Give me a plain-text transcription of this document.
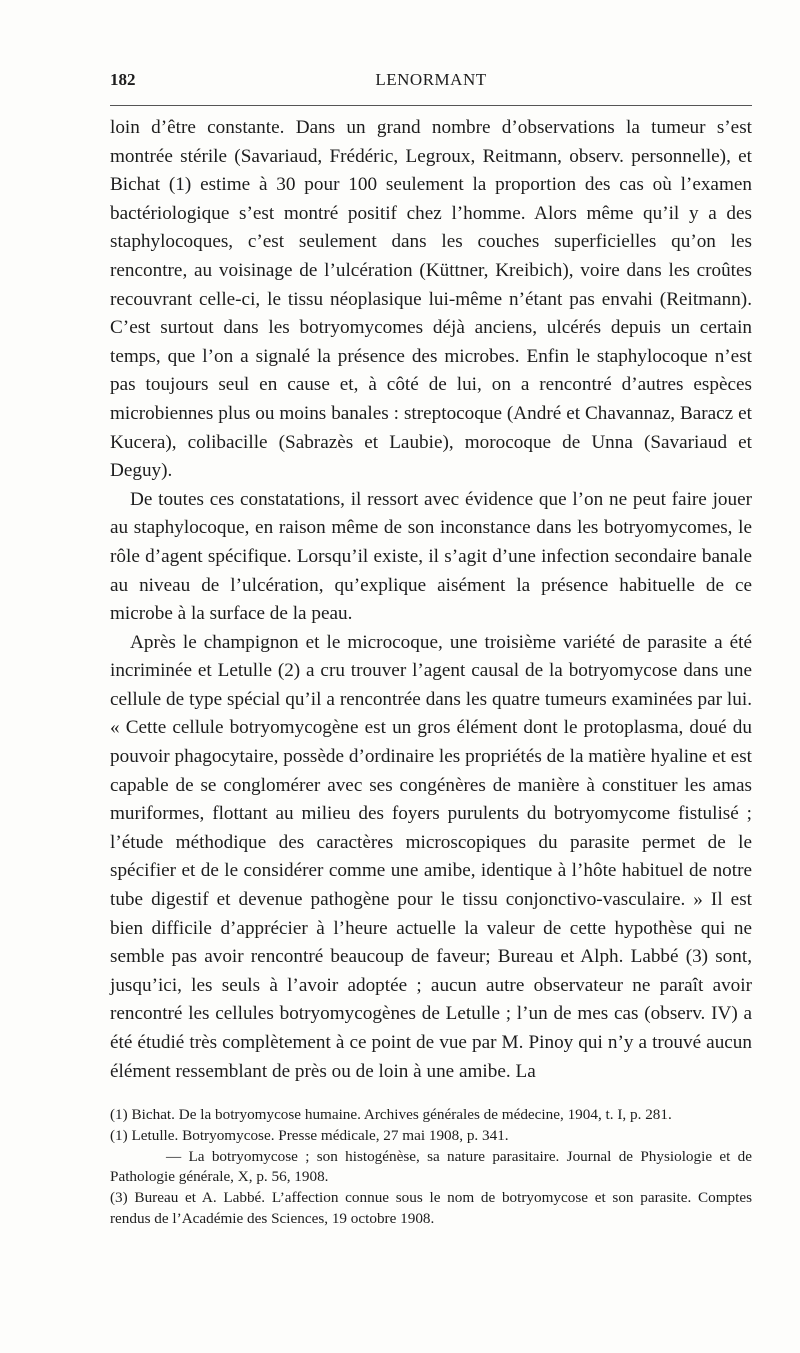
182	LENORMANT

loin d’être constante. Dans un grand nombre d’observations la tumeur s’est montrée stérile (Savariaud, Frédéric, Legroux, Reitmann, observ. personnelle), et Bichat (1) estime à 30 pour 100 seulement la proportion des cas où l’examen bactériologique s’est montré positif chez l’homme. Alors même qu’il y a des staphylocoques, c’est seulement dans les couches superficielles qu’on les rencontre, au voisinage de l’ulcération (Küttner, Kreibich), voire dans les croûtes recouvrant celle-ci, le tissu néoplasique lui-même n’étant pas envahi (Reitmann). C’est surtout dans les botryomycomes déjà anciens, ulcérés depuis un certain temps, que l’on a signalé la présence des microbes. Enfin le staphylocoque n’est pas toujours seul en cause et, à côté de lui, on a rencontré d’autres espèces microbiennes plus ou moins banales : streptocoque (André et Chavannaz, Baracz et Kucera), colibacille (Sabrazès et Laubie), morocoque de Unna (Savariaud et Deguy).

De toutes ces constatations, il ressort avec évidence que l’on ne peut faire jouer au staphylocoque, en raison même de son inconstance dans les botryomycomes, le rôle d’agent spécifique. Lorsqu’il existe, il s’agit d’une infection secondaire banale au niveau de l’ulcération, qu’explique aisément la présence habituelle de ce microbe à la surface de la peau.

Après le champignon et le microcoque, une troisième variété de parasite a été incriminée et Letulle (2) a cru trouver l’agent causal de la botryomycose dans une cellule de type spécial qu’il a rencontrée dans les quatre tumeurs examinées par lui. « Cette cellule botryomycogène est un gros élément dont le protoplasma, doué du pouvoir phagocytaire, possède d’ordinaire les propriétés de la matière hyaline et est capable de se conglomérer avec ses congénères de manière à constituer les amas muriformes, flottant au milieu des foyers purulents du botryomycome fistulisé ; l’étude méthodique des caractères microscopiques du parasite permet de le spécifier et de le considérer comme une amibe, identique à l’hôte habituel de notre tube digestif et devenue pathogène pour le tissu conjonctivo-vasculaire. » Il est bien difficile d’apprécier à l’heure actuelle la valeur de cette hypothèse qui ne semble pas avoir rencontré beaucoup de faveur; Bureau et Alph. Labbé (3) sont, jusqu’ici, les seuls à l’avoir adoptée ; aucun autre observateur ne paraît avoir rencontré les cellules botryomycogènes de Letulle ; l’un de mes cas (observ. IV) a été étudié très complètement à ce point de vue par M. Pinoy qui n’y a trouvé aucun élément ressemblant de près ou de loin à une amibe. La

(1) Bichat. De la botryomycose humaine. Archives générales de médecine, 1904, t. I, p. 281.

(1) Letulle. Botryomycose. Presse médicale, 27 mai 1908, p. 341.

— La botryomycose ; son histogénèse, sa nature parasitaire. Journal de Physiologie et de Pathologie générale, X, p. 56, 1908.

(3) Bureau et A. Labbé. L’affection connue sous le nom de botryomycose et son parasite. Comptes rendus de l’Académie des Sciences, 19 octobre 1908.
